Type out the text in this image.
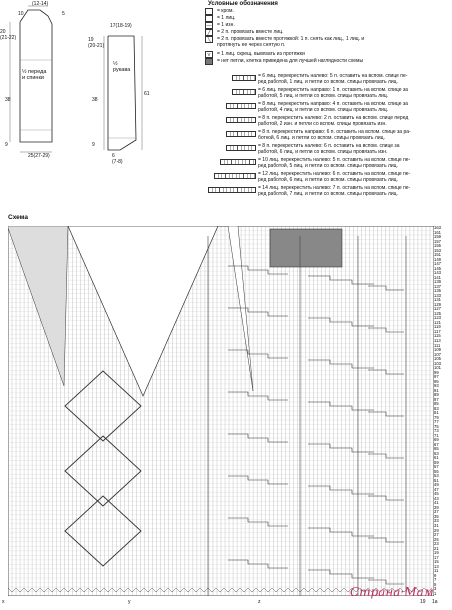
(12-14)
10	5
20
(21-22)
½ переда
и спинки
38
9
25(27-29)
17(18-19)
19
(20-21)
½
рукава
38
61
9
6
(7-8)
Условные обозначения
= кром.
= 1 лиц.
—	= 1 изн.
╱	= 2 п. провязать вместе лиц.
╲	= 2 п. провязать вместе протяжкой: 1 п. снять как лиц., 1 лиц. и
протянуть ее через снятую п.
⋎	= 1 лиц. скрещ. вывязать из протяжки
= нет петли, клетка приведена для лучшей наглядности схемы
= 6 лиц. перекрестить налево: 5 п. оставить на вспом. спице пе-
ред работой, 1 лиц. и петли со вспом. спицы провязать лиц.
= 6 лиц. перекрестить направо: 1 п. оставить на вспом. спице за
работой, 5 лиц. и петли со вспом. спицы провязать лиц.
= 8 лиц. перекрестить направо: 4 п. оставить на вспом. спице за
работой, 4 лиц. и петли со вспом. спицы провязать лиц.
= 8 п. перекрестить налево: 2 п. оставить на вспом. спице перед
работой, 2 изн. и петли со вспом. спицы провязать изн.
= 8 п. перекрестить направо: 6 п. оставить на вспом. спице за ра-
боткой, 6 лиц. и петли со вспом. спицы провязать лиц.
= 8 п. перекрестить налево: 6 п. оставить на вспом. спице за
работой, 6 лиц. и петли со вспом. спицы провязать изн.
= 10 лиц. перекрестить налево: 5 п. оставить на вспом. спице пе-
ред работой, 5 лиц. и петли со вспом. спицы провязать лиц.
= 12 лиц. перекрестить налево: 6 п. оставить на вспом. спице пе-
ред работой, 6 лиц. и петли со вспом. спицы провязать лиц.
= 14 лиц. перекрестить налево: 7 п. оставить на вспом. спице пе-
ред работой, 7 лиц. и петли со вспом. спицы провязать лиц.
Схема
163
161
159
157
155
153
151
149
147
145
143
141
139
137
135
133
131
129
127
125
123
121
119
117
115
113
111
109
107
105
103
101
99
97
95
93
91
89
87
85
83
81
79
77
75
73
71
69
67
65
63
61
59
57
55
53
51
49
47
45
43
41
39
37
35
33
31
29
27
25
23
21
19
17
15
13
11
9
7
5
3
1
x	y	z	19 1a
Страна·Мам
